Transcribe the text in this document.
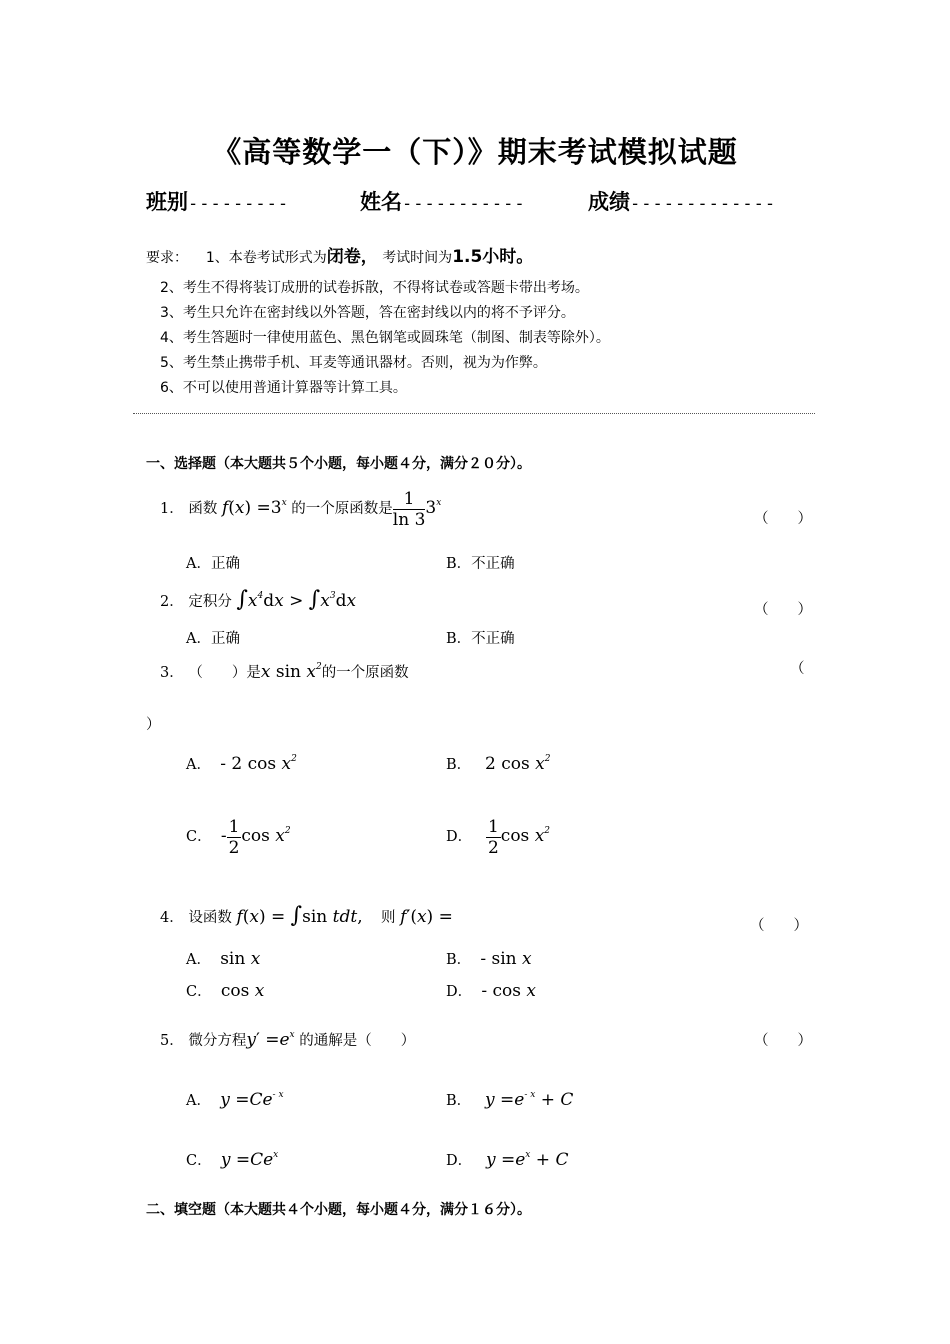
《高等数学一（下）》期末考试模拟试题
班别---------	姓名-----------	成绩-------------
要求： 1、本卷考试形式为闭卷， 考试时间为1.5小时。
2、考生不得将装订成册的试卷拆散，不得将试卷或答题卡带出考场。
3、考生只允许在密封线以外答题，答在密封线以内的将不予评分。
4、考生答题时一律使用蓝色、黑色钢笔或圆珠笔（制图、制表等除外）。
5、考生禁止携带手机、耳麦等通讯器材。否则，视为为作弊。
6、不可以使用普通计算器等计算工具。
一、选择题（本大题共５个小题，每小题４分，满分２０分）。
1． 函数 $f(x) =3^x$ 的一个原函数是 $\frac{1}{\ln 3} 3^x$
（　　）
A．正确	B．不正确
2． 定积分 $\int x^4dx > \int x^3dx$	（　　）
A．正确	B．不正确
3． （　　）是x $\sin x^2$的一个原函数	（
）
A． - 2 $\cos x^2$	B． 2 $\cos x^2$
C． - $\frac{1}{2}$ $\cos x^2$	D． $\frac{1}{2}$ $\cos x^2$
4． 设函数 f(x) = ∫sin tdt, 则 f′(x) =	（　　）
A． sin x	B． - sin x
C． cos x	D． - cos x
5． 微分方程$y' =e^x$ 的通解是（　　）	（　　）
A． $y =Ce^{- x}$	B． $y =e^{- x} + C$
C． $y =Ce^x$	D． $y =e^x + C$
二、填空题（本大题共４个小题，每小题４分，满分１６分）。
